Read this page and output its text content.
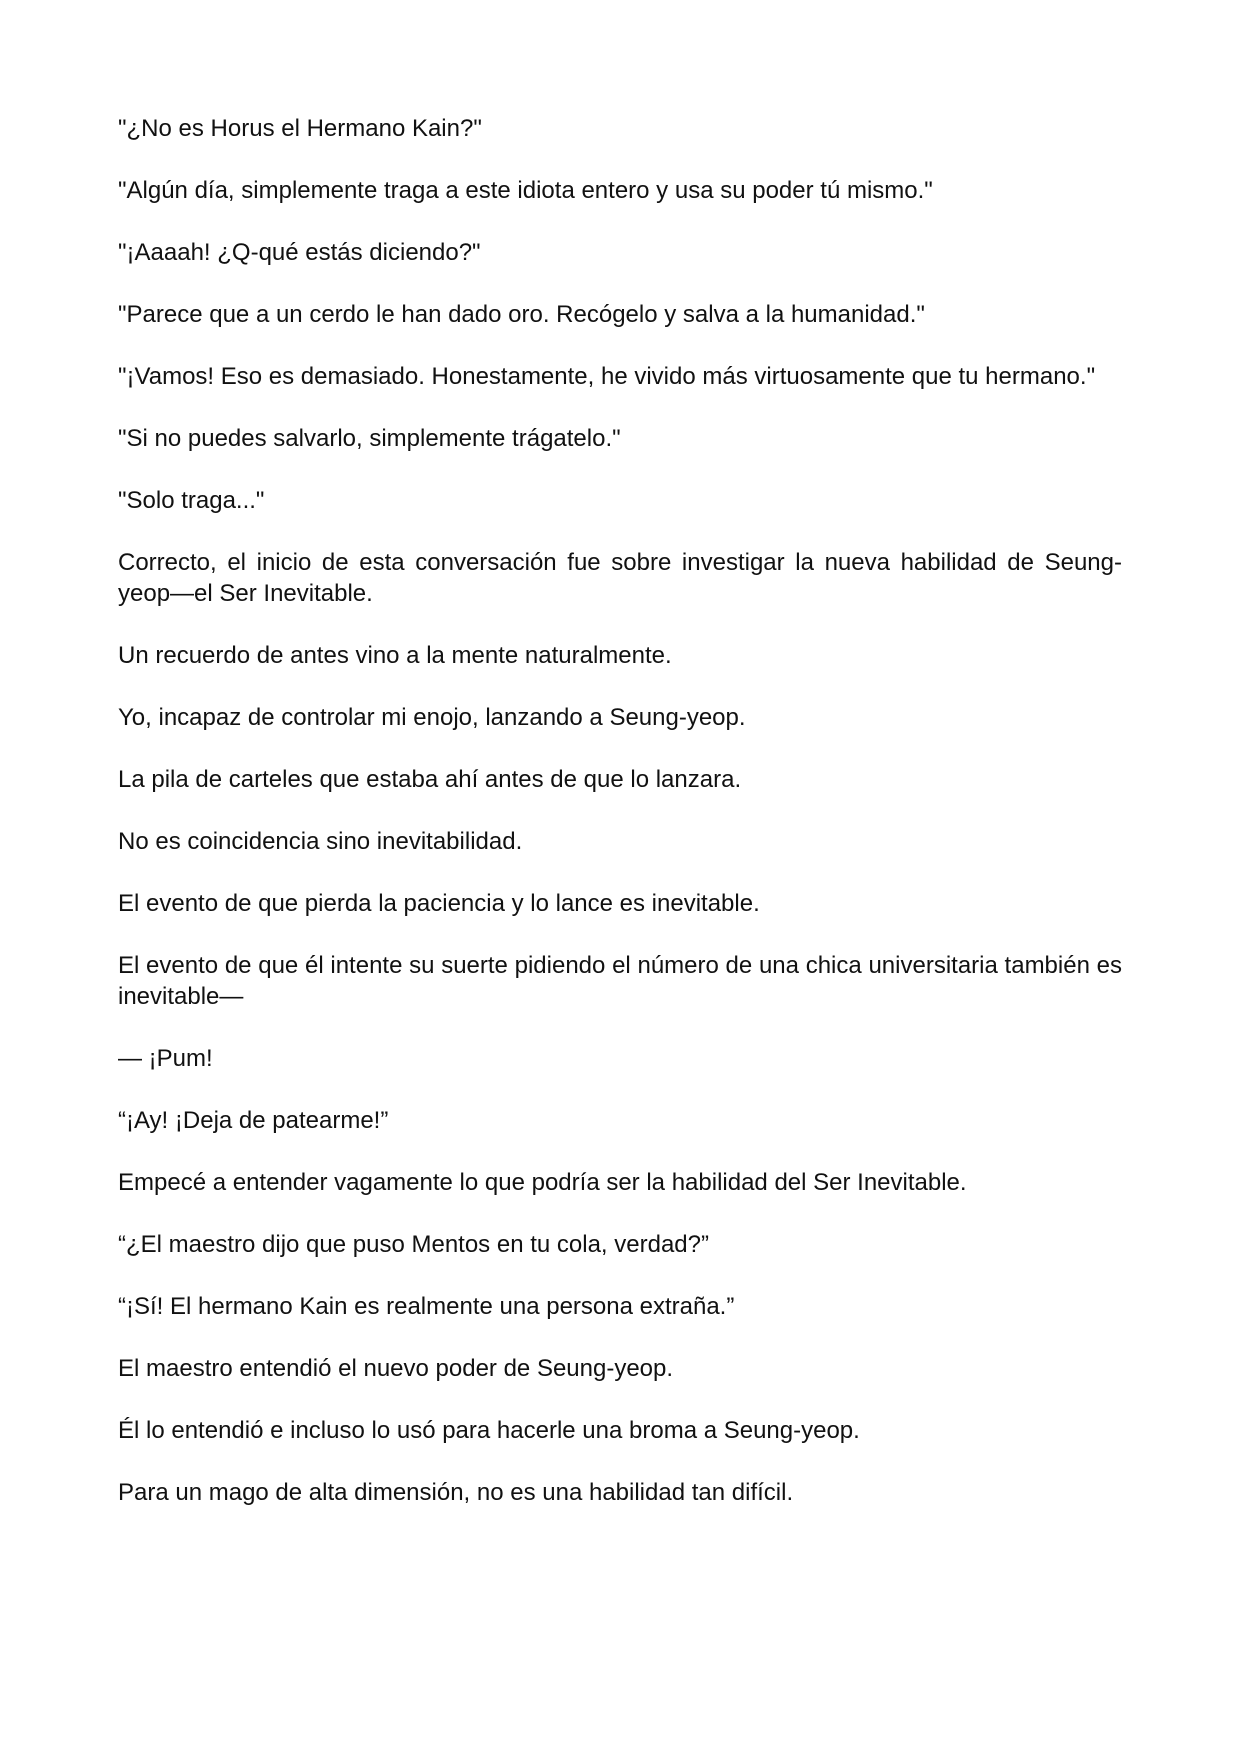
"¿No es Horus el Hermano Kain?"

"Algún día, simplemente traga a este idiota entero y usa su poder tú mismo."

"¡Aaaah! ¿Q-qué estás diciendo?"

"Parece que a un cerdo le han dado oro. Recógelo y salva a la humanidad."

"¡Vamos! Eso es demasiado. Honestamente, he vivido más virtuosamente que tu hermano."

"Si no puedes salvarlo, simplemente trágatelo."

"Solo traga..."

Correcto, el inicio de esta conversación fue sobre investigar la nueva habilidad de Seung-yeop—el Ser Inevitable.

Un recuerdo de antes vino a la mente naturalmente.

Yo, incapaz de controlar mi enojo, lanzando a Seung-yeop.

La pila de carteles que estaba ahí antes de que lo lanzara.

No es coincidencia sino inevitabilidad.

El evento de que pierda la paciencia y lo lance es inevitable.

El evento de que él intente su suerte pidiendo el número de una chica universitaria también es inevitable—

— ¡Pum!

“¡Ay! ¡Deja de patearme!”

Empecé a entender vagamente lo que podría ser la habilidad del Ser Inevitable.

“¿El maestro dijo que puso Mentos en tu cola, verdad?”

“¡Sí! El hermano Kain es realmente una persona extraña.”

El maestro entendió el nuevo poder de Seung-yeop.

Él lo entendió e incluso lo usó para hacerle una broma a Seung-yeop.

Para un mago de alta dimensión, no es una habilidad tan difícil.
